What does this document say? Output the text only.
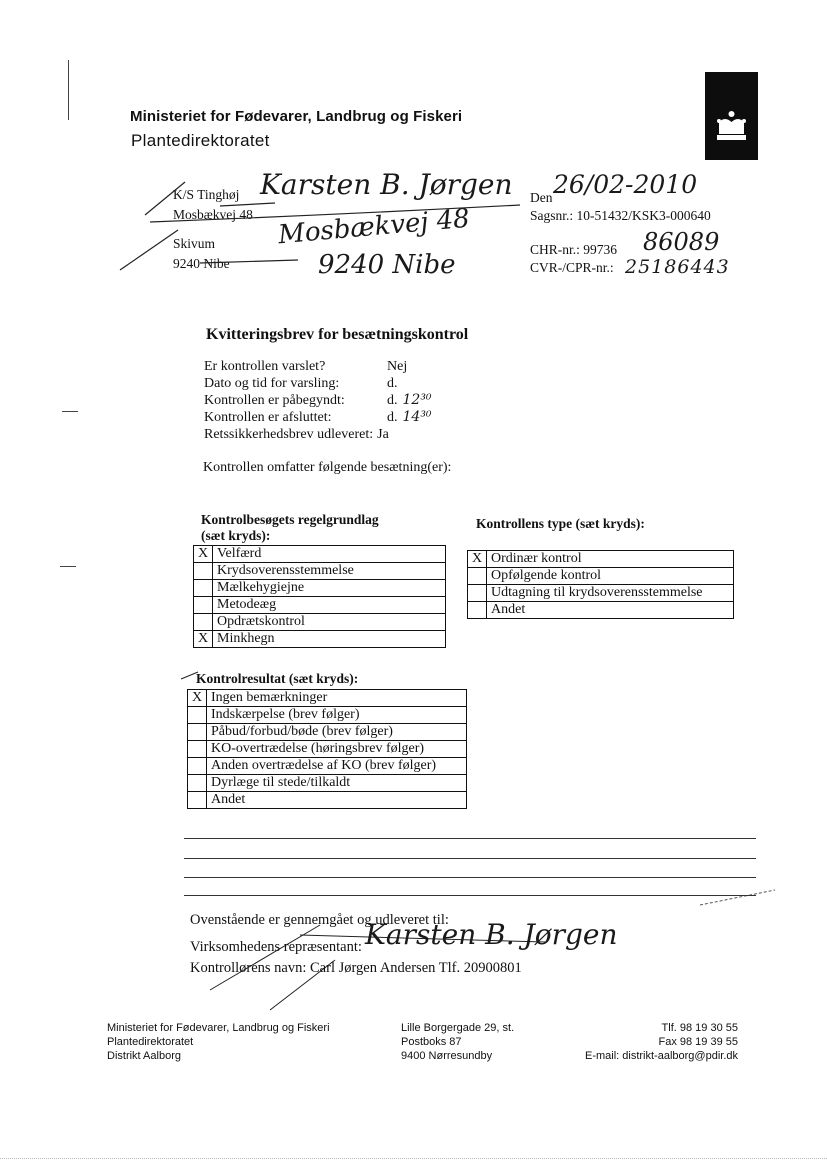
Ministeriet for Fødevarer, Landbrug og Fiskeri
Plantedirektoratet
K/S Tinghøj
Mosbækvej 48
Skivum
9240 Nibe
Karsten B. Jørgen
Mosbækvej 48
9240 Nibe
Den 26/02-2010
Sagsnr.: 10-51432/KSK3-000640
CHR-nr.: 99736 86089
CVR-/CPR-nr.: 25186443
Kvitteringsbrev for besætningskontrol
Er kontrollen varslet?	Nej
Dato og tid for varsling:	d.
Kontrollen er påbegyndt:	d. 12³⁰
Kontrollen er afsluttet:	d. 14³⁰
Retssikkerhedsbrev udleveret: Ja
Kontrollen omfatter følgende besætning(er):
Kontrolbesøgets regelgrundlag
(sæt kryds):
X	Velfærd
	Krydsoverensstemmelse
	Mælkehygiejne
	Metodeæg
	Opdrætskontrol
X	Minkhegn
Kontrollens type (sæt kryds):
X	Ordinær kontrol
	Opfølgende kontrol
	Udtagning til krydsoverensstemmelse
	Andet
Kontrolresultat (sæt kryds):
X	Ingen bemærkninger
	Indskærpelse (brev følger)
	Påbud/forbud/bøde (brev følger)
	KO-overtrædelse (høringsbrev følger)
	Anden overtrædelse af KO (brev følger)
	Dyrlæge til stede/tilkaldt
	Andet
Ovenstående er gennemgået og udleveret til:
Virksomhedens repræsentant: Karsten B. Jørgen
Kontrollørens navn: Carl Jørgen Andersen Tlf. 20900801
Ministeriet for Fødevarer, Landbrug og Fiskeri
Plantedirektoratet
Distrikt Aalborg
Lille Borgergade 29, st.
Postboks 87
9400 Nørresundby
Tlf. 98 19 30 55
Fax 98 19 39 55
E-mail: distrikt-aalborg@pdir.dk
